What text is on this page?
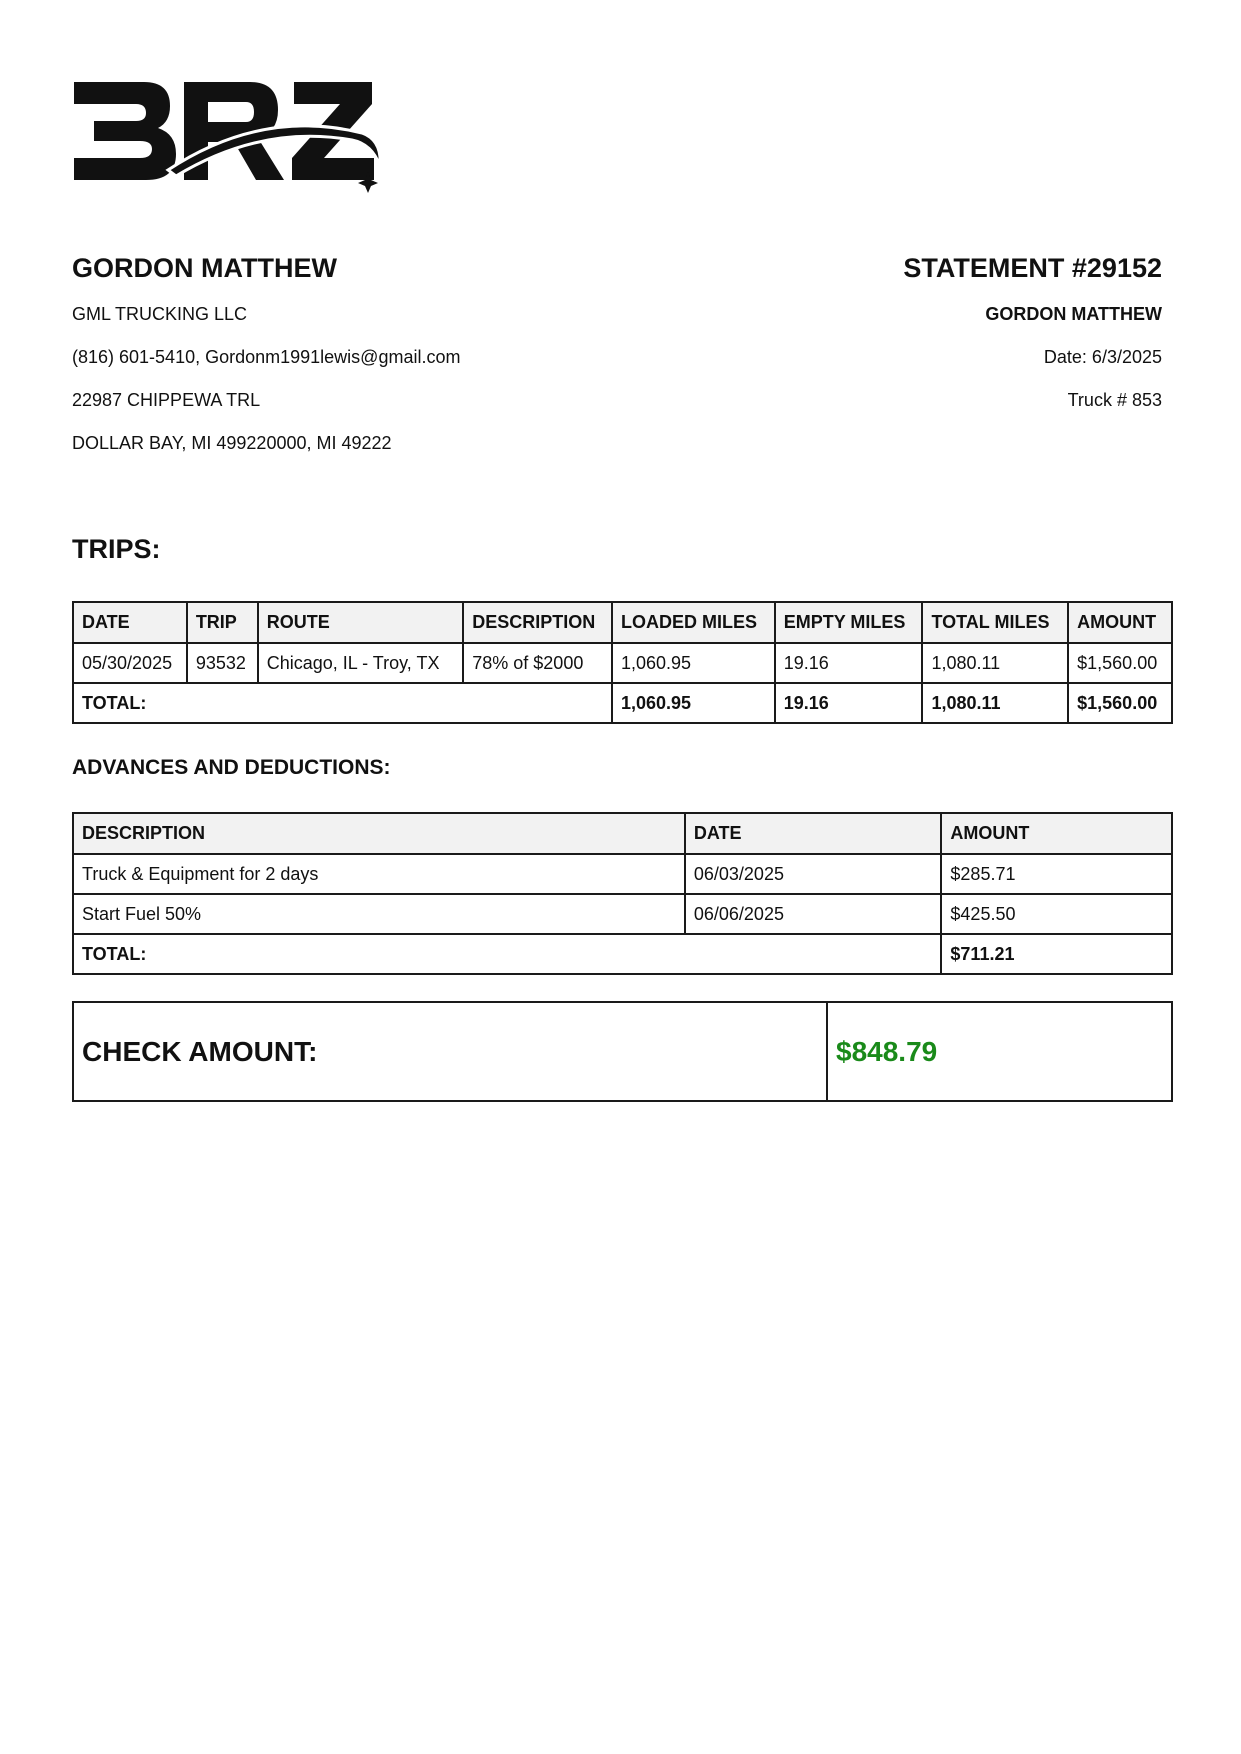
GORDON MATTHEW

GML TRUCKING LLC

(816) 601-5410, Gordonm1991lewis@gmail.com

22987 CHIPPEWA TRL

DOLLAR BAY, MI 499220000, MI 49222

STATEMENT #29152

GORDON MATTHEW

Date: 6/3/2025

Truck # 853

TRIPS:
DATE	TRIP	ROUTE	DESCRIPTION	LOADED MILES	EMPTY MILES	TOTAL MILES	AMOUNT
05/30/2025	93532	Chicago, IL - Troy, TX	78% of $2000	1,060.95	19.16	1,080.11	$1,560.00
TOTAL:				1,060.95	19.16	1,080.11	$1,560.00
ADVANCES AND DEDUCTIONS:
DESCRIPTION	DATE	AMOUNT
Truck & Equipment for 2 days	06/03/2025	$285.71
Start Fuel 50%	06/06/2025	$425.50
TOTAL:		$711.21
CHECK AMOUNT:	$848.79
